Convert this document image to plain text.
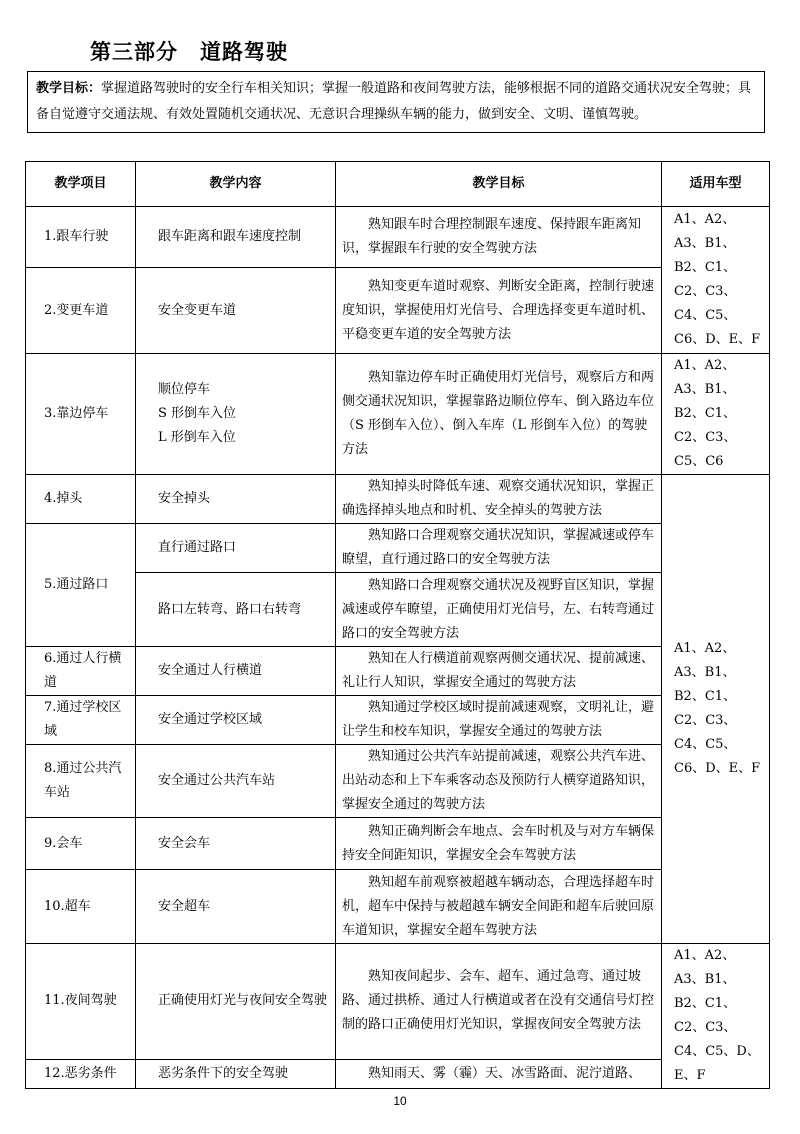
第三部分　道路驾驶
教学目标：掌握道路驾驶时的安全行车相关知识；掌握一般道路和夜间驾驶方法，能够根据不同的道路交通状况安全驾驶；具备自觉遵守交通法规、有效处置随机交通状况、无意识合理操纵车辆的能力，做到安全、文明、谨慎驾驶。
教学项目	教学内容	教学目标	适用车型
1.跟车行驶	跟车距离和跟车速度控制	熟知跟车时合理控制跟车速度、保持跟车距离知识，掌握跟车行驶的安全驾驶方法	A1、A2、A3、B1、B2、C1、C2、C3、C4、C5、C6、D、E、F
2.变更车道	安全变更车道	熟知变更车道时观察、判断安全距离，控制行驶速度知识，掌握使用灯光信号、合理选择变更车道时机、平稳变更车道的安全驾驶方法	
3.靠边停车	顺位停车
S 形倒车入位
L 形倒车入位	熟知靠边停车时正确使用灯光信号，观察后方和两侧交通状况知识，掌握靠路边顺位停车、倒入路边车位（S 形倒车入位）、倒入车库（L 形倒车入位）的驾驶方法	A1、A2、A3、B1、B2、C1、C2、C3、C5、C6
4.掉头	安全掉头	熟知掉头时降低车速、观察交通状况知识，掌握正确选择掉头地点和时机、安全掉头的驾驶方法	A1、A2、A3、B1、B2、C1、C2、C3、C4、C5、C6、D、E、F
5.通过路口	直行通过路口	熟知路口合理观察交通状况知识，掌握减速或停车瞭望，直行通过路口的安全驾驶方法	
	路口左转弯、路口右转弯	熟知路口合理观察交通状况及视野盲区知识，掌握减速或停车瞭望，正确使用灯光信号，左、右转弯通过路口的安全驾驶方法	
6.通过人行横道	安全通过人行横道	熟知在人行横道前观察两侧交通状况、提前减速、礼让行人知识，掌握安全通过的驾驶方法	
7.通过学校区域	安全通过学校区域	熟知通过学校区域时提前减速观察，文明礼让，避让学生和校车知识，掌握安全通过的驾驶方法	
8.通过公共汽车站	安全通过公共汽车站	熟知通过公共汽车站提前减速，观察公共汽车进、出站动态和上下车乘客动态及预防行人横穿道路知识，掌握安全通过的驾驶方法	
9.会车	安全会车	熟知正确判断会车地点、会车时机及与对方车辆保持安全间距知识，掌握安全会车驾驶方法	
10.超车	安全超车	熟知超车前观察被超越车辆动态，合理选择超车时机，超车中保持与被超越车辆安全间距和超车后驶回原车道知识，掌握安全超车驾驶方法	
11.夜间驾驶	正确使用灯光与夜间安全驾驶	熟知夜间起步、会车、超车、通过急弯、通过坡路、通过拱桥、通过人行横道或者在没有交通信号灯控制的路口正确使用灯光知识，掌握夜间安全驾驶方法	A1、A2、A3、B1、B2、C1、C2、C3、C4、C5、D、E、F
12.恶劣条件	恶劣条件下的安全驾驶	熟知雨天、雾（霾）天、冰雪路面、泥泞道路、	
10
